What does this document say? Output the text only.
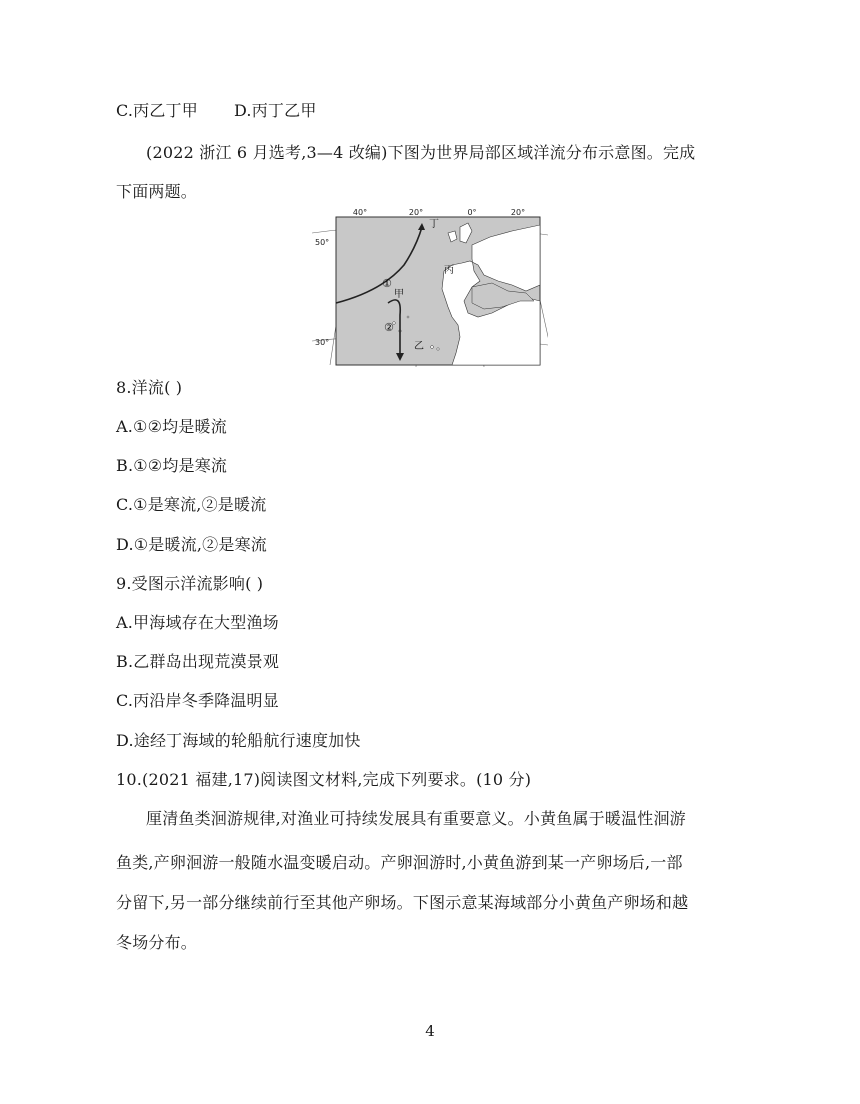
C.丙乙丁甲 D.丙丁乙甲
(2022 浙江 6 月选考,3—4 改编)下图为世界局部区域洋流分布示意图。完成
下面两题。
40°	20°	0°	20°
50°
30°
丁
丙
甲
乙
①
②
8.洋流( )
A.①②均是暖流
B.①②均是寒流
C.①是寒流,②是暖流
D.①是暖流,②是寒流
9.受图示洋流影响( )
A.甲海域存在大型渔场
B.乙群岛出现荒漠景观
C.丙沿岸冬季降温明显
D.途经丁海域的轮船航行速度加快
10.(2021 福建,17)阅读图文材料,完成下列要求。(10 分)
厘清鱼类洄游规律,对渔业可持续发展具有重要意义。小黄鱼属于暖温性洄游
鱼类,产卵洄游一般随水温变暖启动。产卵洄游时,小黄鱼游到某一产卵场后,一部
分留下,另一部分继续前行至其他产卵场。下图示意某海域部分小黄鱼产卵场和越
冬场分布。
4
